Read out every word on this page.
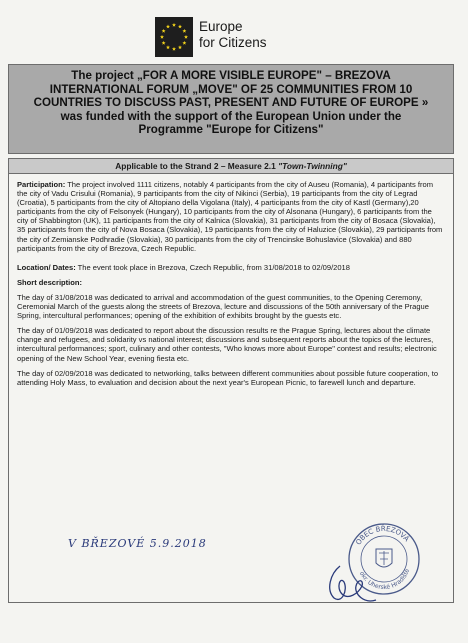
Europe
for Citizens
The project „FOR A MORE VISIBLE EUROPE" – BREZOVA
INTERNATIONAL FORUM „MOVE" OF 25 COMMUNITIES FROM 10
COUNTRIES TO DISCUSS PAST, PRESENT AND FUTURE OF EUROPE »
was funded with the support of the European Union under the
Programme "Europe for Citizens"
Applicable to the Strand 2 – Measure 2.1 "Town-Twinning"

Participation: The project involved 1111 citizens, notably 4 participants from the city of Auseu (Romania), 4 participants from the city of Vadu Crisului (Romania), 9 participants from the city of Nikinci (Serbia), 19 participants from the city of Legrad (Croatia), 5 participants from the city of Altopiano della Vigolana (Italy), 4 participants from the city of Kastl (Germany),20 participants from the city of Felsonyek (Hungary), 10 participants from the city of Alsonana (Hungary), 6 participants from the city of Shabbington (UK), 11 participants from the city of Kalnica (Slovakia), 31 participants from the city of Bosaca (Slovakia), 35 participants from the city of Nova Bosaca (Slovakia), 19 participants from the city of Haluzice (Slovakia), 29 participants from the city of Zemianske Podhradie (Slovakia), 30 participants from the city of Trencinske Bohuslavice (Slovakia) and 880 participants from the city of Brezova, Czech Republic.

Location/ Dates: The event took place in Brezova, Czech Republic, from 31/08/2018 to 02/09/2018

Short description:

The day of 31/08/2018 was dedicated to arrival and accommodation of the guest communities, to the Opening Ceremony, Ceremonial March of the guests along the streets of Brezova, lecture and discussions of the 50th anniversary of the Prague Spring, intercultural performances; opening of the exhibition of exhibits brought by the guests etc.

The day of 01/09/2018 was dedicated to report about the discussion results re the Prague Spring, lectures about the climate change and refugees, and solidarity vs national interest; discussions and subsequent reports about the topics of the lectures, intercultural performances; sport, culinary and other contests, "Who knows more about Europe" contest and results; electronic opening of the New School Year, evening fiesta etc.

The day of 02/09/2018 was dedicated to networking, talks between different communities about possible future cooperation, to attending Holy Mass, to evaluation and decision about the next year's European Picnic, to farewell lunch and departure.

V BŘEZOVÉ 5.9.2018	OBEC BŘEZOVÁ
okr. Uherské Hradiště
